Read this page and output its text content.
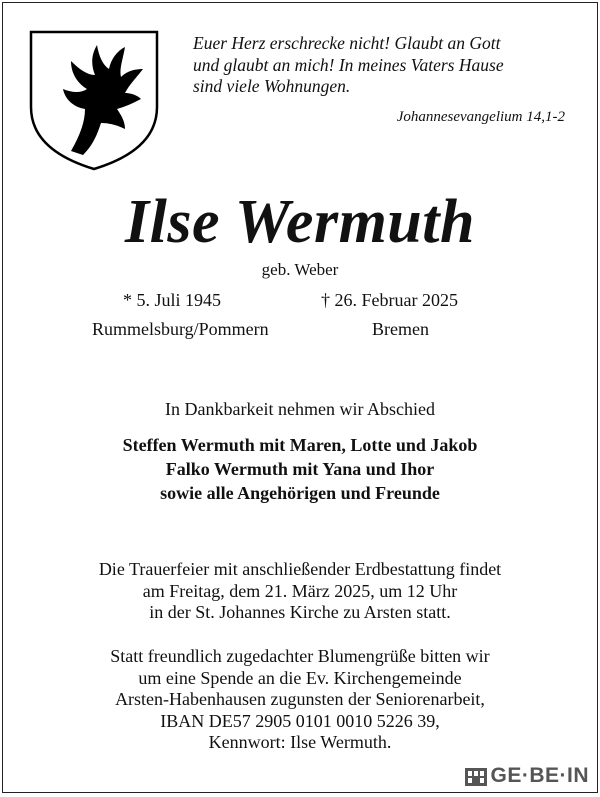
Euer Herz erschrecke nicht! Glaubt an Gott
und glaubt an mich! In meines Vaters Hause
sind viele Wohnungen.
Johannesevangelium 14,1-2
Ilse Wermuth
geb. Weber
* 5. Juli 1945	† 26. Februar 2025
Rummelsburg/Pommern	Bremen
In Dankbarkeit nehmen wir Abschied
Steffen Wermuth mit Maren, Lotte und Jakob
Falko Wermuth mit Yana und Ihor
sowie alle Angehörigen und Freunde
Die Trauerfeier mit anschließender Erdbestattung findet
am Freitag, dem 21. März 2025, um 12 Uhr
in der St. Johannes Kirche zu Arsten statt.
Statt freundlich zugedachter Blumengrüße bitten wir
um eine Spende an die Ev. Kirchengemeinde
Arsten-Habenhausen zugunsten der Seniorenarbeit,
IBAN DE57 2905 0101 0010 5226 39,
Kennwort: Ilse Wermuth.
GE·BE·IN
